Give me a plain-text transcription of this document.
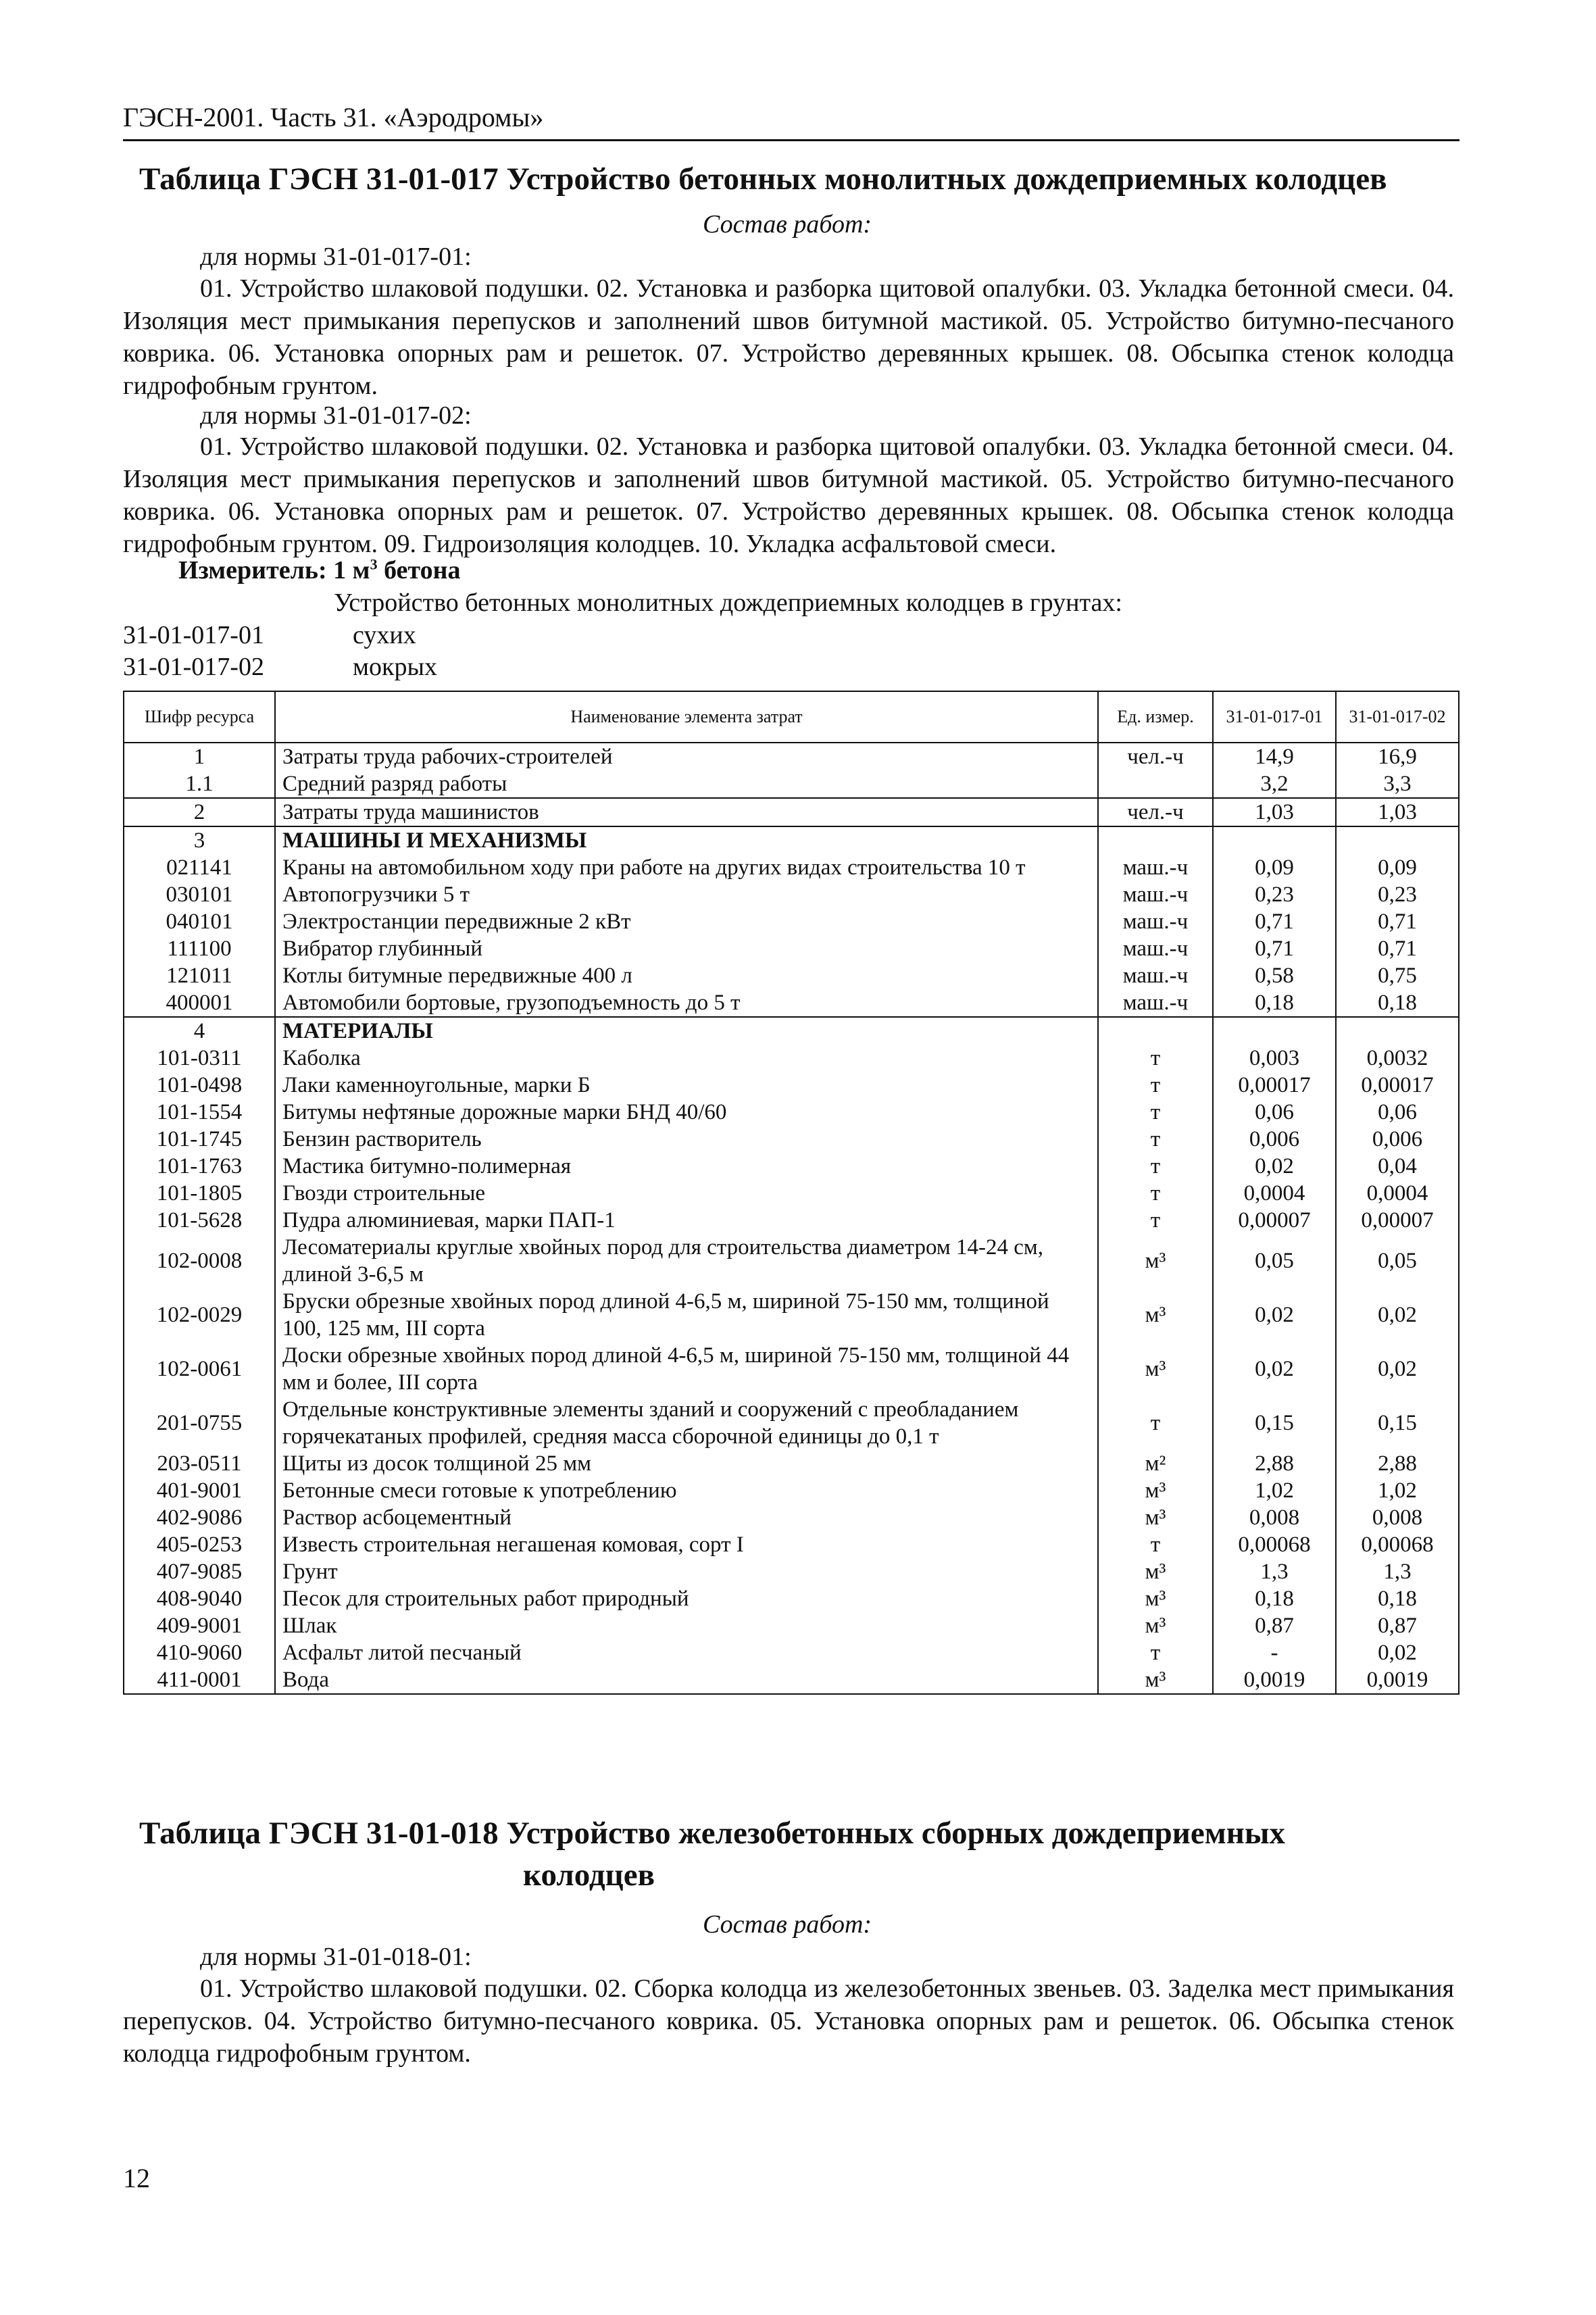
ГЭСН-2001. Часть 31. «Аэродромы»
Таблица ГЭСН 31-01-017 Устройство бетонных монолитных дождеприемных колодцев
Состав работ:
для нормы 31-01-017-01:
01. Устройство шлаковой подушки. 02. Установка и разборка щитовой опалубки. 03. Укладка бетонной смеси. 04. Изоляция мест примыкания перепусков и заполнений швов битумной мастикой. 05. Устройство битумно-песчаного коврика. 06. Установка опорных рам и решеток. 07. Устройство деревянных крышек. 08. Обсыпка стенок колодца гидрофобным грунтом.
для нормы 31-01-017-02:
01. Устройство шлаковой подушки. 02. Установка и разборка щитовой опалубки. 03. Укладка бетонной смеси. 04. Изоляция мест примыкания перепусков и заполнений швов битумной мастикой. 05. Устройство битумно-песчаного коврика. 06. Установка опорных рам и решеток. 07. Устройство деревянных крышек. 08. Обсыпка стенок колодца гидрофобным грунтом. 09. Гидроизоляция колодцев. 10. Укладка асфальтовой смеси.
Измеритель: 1 $м^3$ бетона
Устройство бетонных монолитных дождеприемных колодцев в грунтах:
31-01-017-01	сухих
31-01-017-02	мокрых
Шифр ресурса	Наименование элемента затрат	Ед. измер.	31-01-017-01	31-01-017-02
1	Затраты труда рабочих-строителей	чел.-ч	14,9	16,9
1.1	Средний разряд работы		3,2	3,3
2	Затраты труда машинистов	чел.-ч	1,03	1,03
3	МАШИНЫ И МЕХАНИЗМЫ			
021141	Краны на автомобильном ходу при работе на других видах строительства 10 т	маш.-ч	0,09	0,09
030101	Автопогрузчики 5 т	маш.-ч	0,23	0,23
040101	Электростанции передвижные 2 кВт	маш.-ч	0,71	0,71
111100	Вибратор глубинный	маш.-ч	0,71	0,71
121011	Котлы битумные передвижные 400 л	маш.-ч	0,58	0,75
400001	Автомобили бортовые, грузоподъемность до 5 т	маш.-ч	0,18	0,18
4	МАТЕРИАЛЫ			
101-0311	Каболка	т	0,003	0,0032
101-0498	Лаки каменноугольные, марки Б	т	0,00017	0,00017
101-1554	Битумы нефтяные дорожные марки БНД 40/60	т	0,06	0,06
101-1745	Бензин растворитель	т	0,006	0,006
101-1763	Мастика битумно-полимерная	т	0,02	0,04
101-1805	Гвозди строительные	т	0,0004	0,0004
101-5628	Пудра алюминиевая, марки ПАП-1	т	0,00007	0,00007
102-0008	Лесоматериалы круглые хвойных пород для строительства диаметром 14-24 см, длиной 3-6,5 м	м³	0,05	0,05
102-0029	Бруски обрезные хвойных пород длиной 4-6,5 м, шириной 75-150 мм, толщиной 100, 125 мм, III сорта	м³	0,02	0,02
102-0061	Доски обрезные хвойных пород длиной 4-6,5 м, шириной 75-150 мм, толщиной 44 мм и более, III сорта	м³	0,02	0,02
201-0755	Отдельные конструктивные элементы зданий и сооружений с преобладанием горячекатаных профилей, средняя масса сборочной единицы до 0,1 т	т	0,15	0,15
203-0511	Щиты из досок толщиной 25 мм	м²	2,88	2,88
401-9001	Бетонные смеси готовые к употреблению	м³	1,02	1,02
402-9086	Раствор асбоцементный	м³	0,008	0,008
405-0253	Известь строительная негашеная комовая, сорт I	т	0,00068	0,00068
407-9085	Грунт	м³	1,3	1,3
408-9040	Песок для строительных работ природный	м³	0,18	0,18
409-9001	Шлак	м³	0,87	0,87
410-9060	Асфальт литой песчаный	т	-	0,02
411-0001	Вода	м³	0,0019	0,0019
Таблица ГЭСН 31-01-018 Устройство железобетонных сборных дождеприемных
колодцев
Состав работ:
для нормы 31-01-018-01:
01. Устройство шлаковой подушки. 02. Сборка колодца из железобетонных звеньев. 03. Заделка мест примыкания перепусков. 04. Устройство битумно-песчаного коврика. 05. Установка опорных рам и решеток. 06. Обсыпка стенок колодца гидрофобным грунтом.
12
